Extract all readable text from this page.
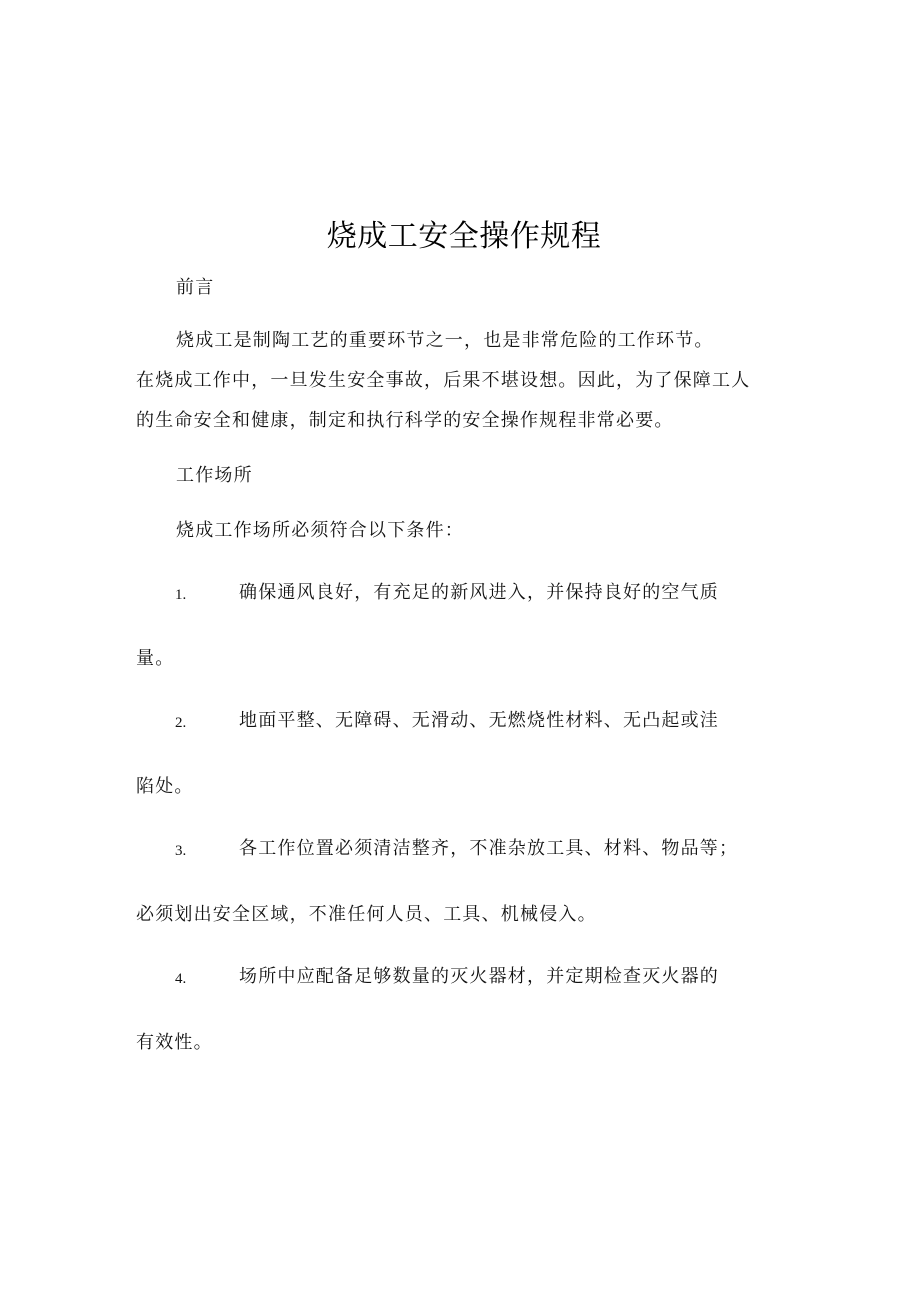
烧成工安全操作规程

前言

烧成工是制陶工艺的重要环节之一，也是非常危险的工作环节。

在烧成工作中，一旦发生安全事故，后果不堪设想。因此，为了保障工人

的生命安全和健康，制定和执行科学的安全操作规程非常必要。

工作场所

烧成工作场所必须符合以下条件：

1.	确保通风良好，有充足的新风进入，并保持良好的空气质
量。
2.	地面平整、无障碍、无滑动、无燃烧性材料、无凸起或洼
陷处。
3.	各工作位置必须清洁整齐，不准杂放工具、材料、物品等；
必须划出安全区域，不准任何人员、工具、机械侵入。
4.	场所中应配备足够数量的灭火器材，并定期检查灭火器的
有效性。
